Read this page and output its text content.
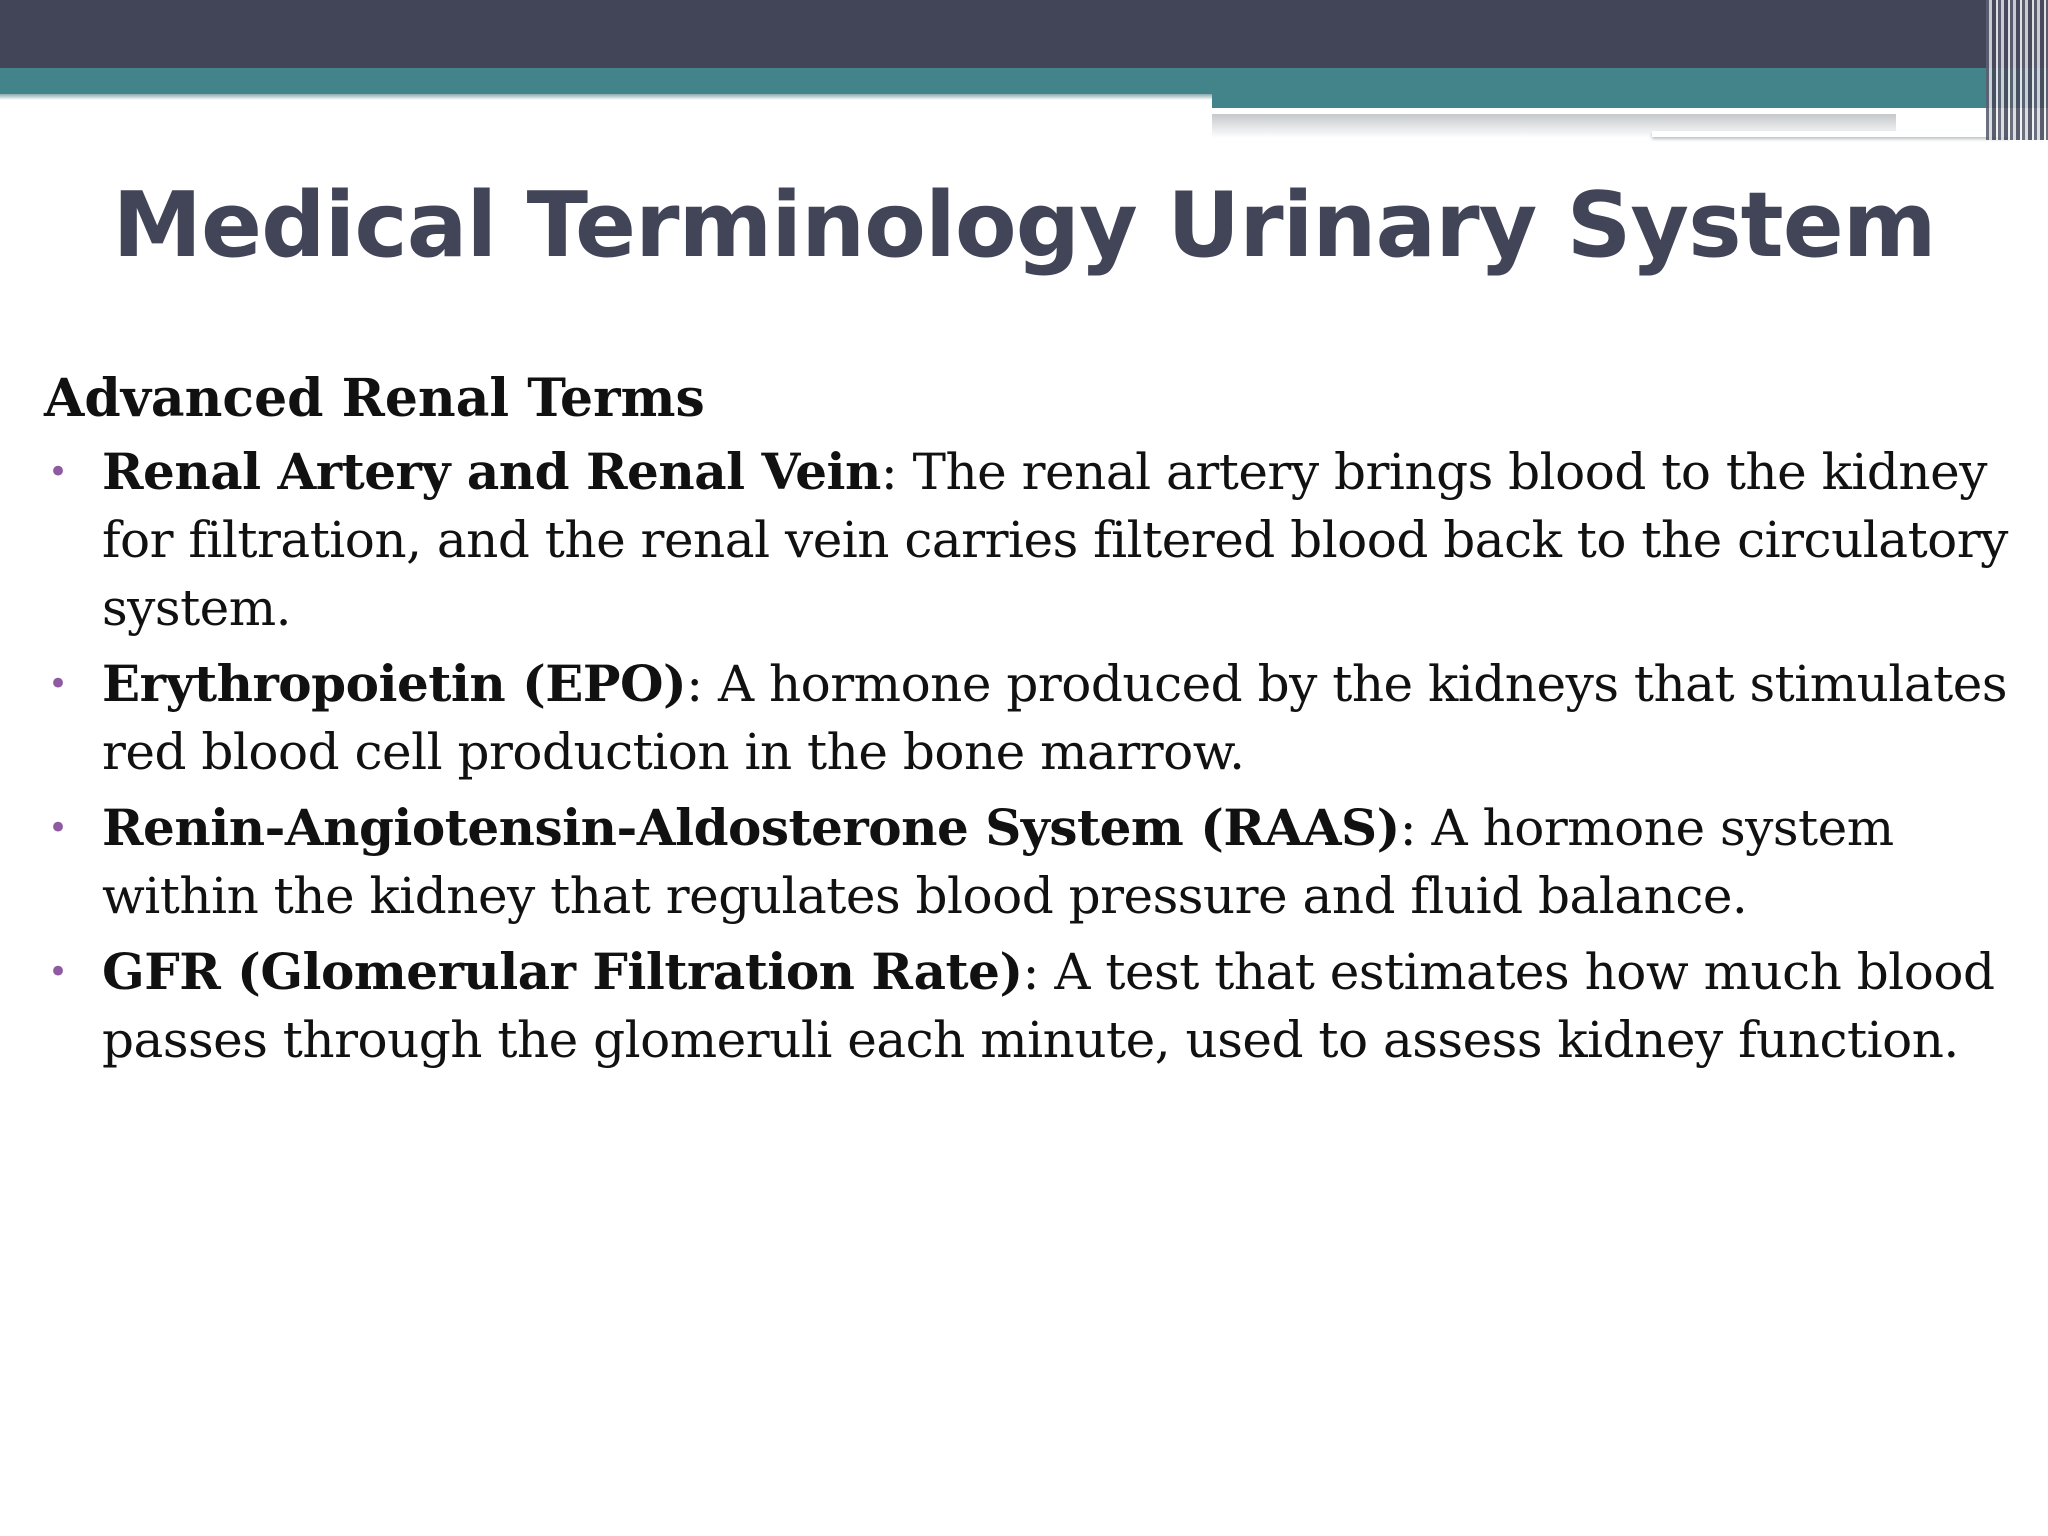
Medical Terminology Urinary System
Advanced Renal Terms
• Renal Artery and Renal Vein: The renal artery brings blood to the kidney for filtration, and the renal vein carries filtered blood back to the circulatory system.
• Erythropoietin (EPO): A hormone produced by the kidneys that stimulates red blood cell production in the bone marrow.
• Renin-Angiotensin-Aldosterone System (RAAS): A hormone system within the kidney that regulates blood pressure and fluid balance.
• GFR (Glomerular Filtration Rate): A test that estimates how much blood passes through the glomeruli each minute, used to assess kidney function.
